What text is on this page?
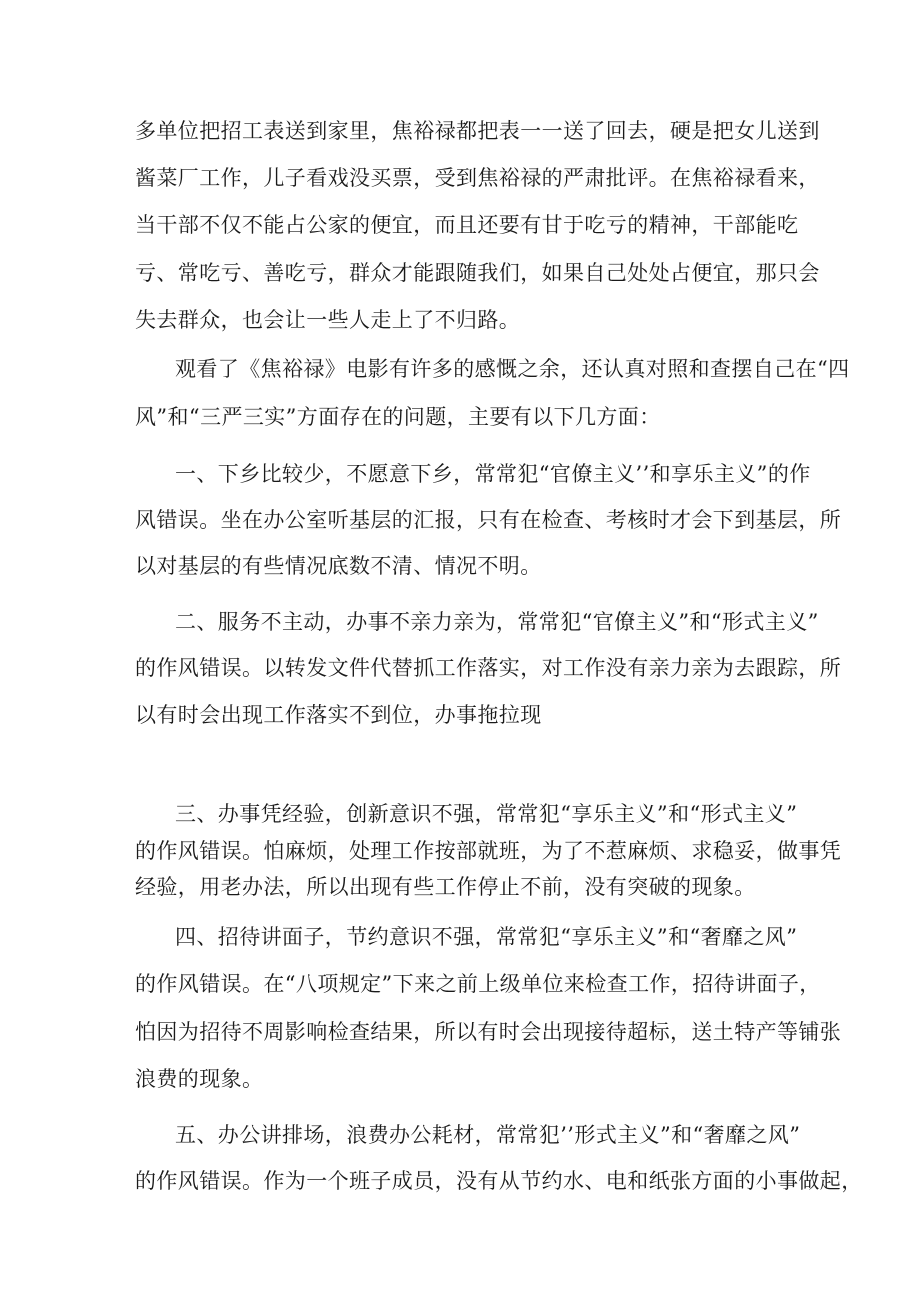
多单位把招工表送到家里，焦裕禄都把表一一送了回去，硬是把女儿送到
酱菜厂工作，儿子看戏没买票，受到焦裕禄的严肃批评。在焦裕禄看来，
当干部不仅不能占公家的便宜，而且还要有甘于吃亏的精神，干部能吃
亏、常吃亏、善吃亏，群众才能跟随我们，如果自己处处占便宜，那只会
失去群众，也会让一些人走上了不归路。
观看了《焦裕禄》电影有许多的感慨之余，还认真对照和查摆自己在“四
风”和“三严三实”方面存在的问题，主要有以下几方面：
一、下乡比较少，不愿意下乡，常常犯“官僚主义’’和享乐主义”的作
风错误。坐在办公室听基层的汇报，只有在检查、考核时才会下到基层，所
以对基层的有些情况底数不清、情况不明。
二、服务不主动，办事不亲力亲为，常常犯“官僚主义”和“形式主义”
的作风错误。以转发文件代替抓工作落实，对工作没有亲力亲为去跟踪，所
以有时会出现工作落实不到位，办事拖拉现
三、办事凭经验，创新意识不强，常常犯“享乐主义”和“形式主义”
的作风错误。怕麻烦，处理工作按部就班，为了不惹麻烦、求稳妥，做事凭
经验，用老办法，所以出现有些工作停止不前，没有突破的现象。
四、招待讲面子，节约意识不强，常常犯“享乐主义”和“奢靡之风”
的作风错误。在“八项规定”下来之前上级单位来检查工作，招待讲面子，
怕因为招待不周影响检查结果，所以有时会出现接待超标，送土特产等铺张
浪费的现象。
五、办公讲排场，浪费办公耗材，常常犯’’形式主义”和“奢靡之风”
的作风错误。作为一个班子成员，没有从节约水、电和纸张方面的小事做起，
